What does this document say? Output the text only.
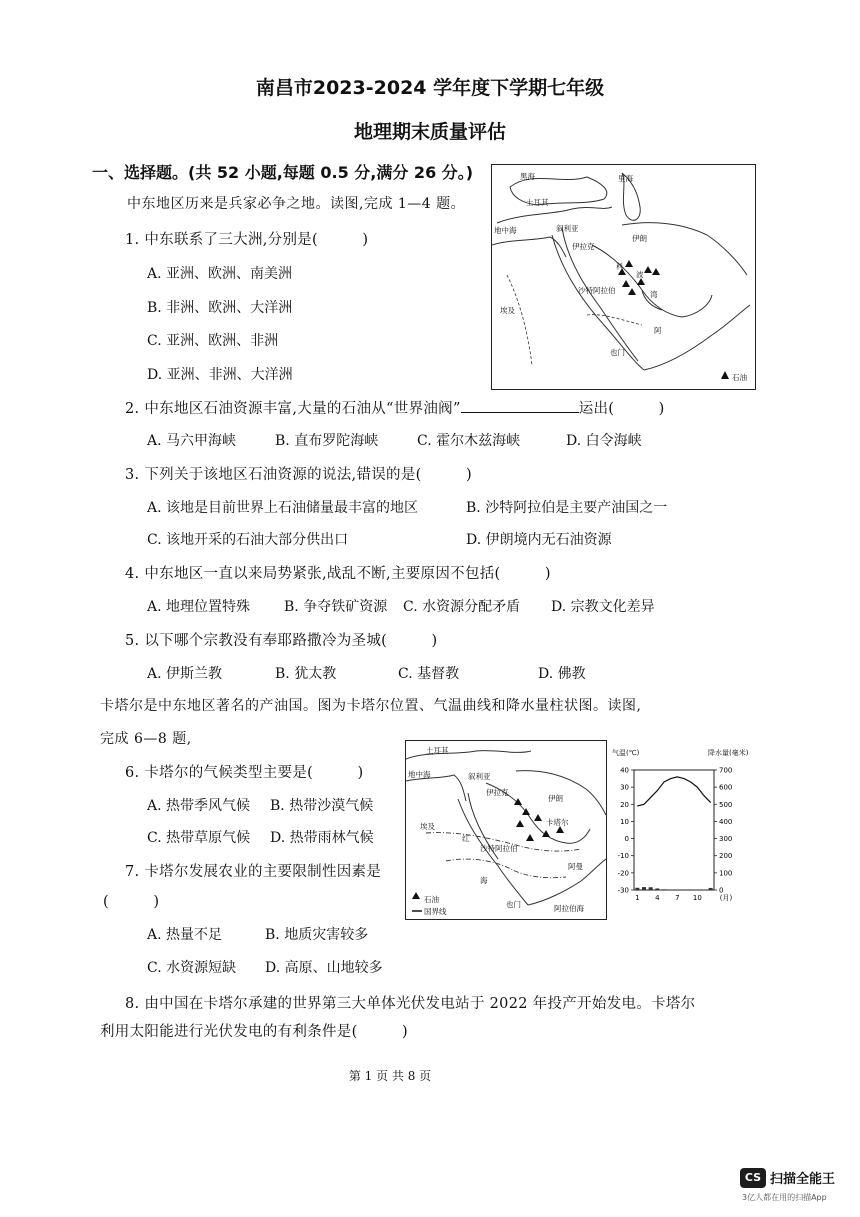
南昌市2023-2024 学年度下学期七年级
地理期末质量评估
一、选择题。(共 52 小题,每题 0.5 分,满分 26 分。)
中东地区历来是兵家必争之地。读图,完成 1—4 题。
1. 中东联系了三大洲,分别是(　　　)
A. 亚洲、欧洲、南美洲
B. 非洲、欧洲、大洋洲
C. 亚洲、欧洲、非洲
D. 亚洲、非洲、大洋洲
黑海	里海
土耳其
地中海	叙利亚
伊拉克
伊朗
埃及
沙特阿拉伯
也门
科
湾
波
阿
石油
2. 中东地区石油资源丰富,大量的石油从“世界油阀”	运出(　　　)
A. 马六甲海峡	B. 直布罗陀海峡	C. 霍尔木兹海峡	D. 白令海峡
3. 下列关于该地区石油资源的说法,错误的是(　　　)
A. 该地是目前世界上石油储量最丰富的地区	B. 沙特阿拉伯是主要产油国之一
C. 该地开采的石油大部分供出口	D. 伊朗境内无石油资源
4. 中东地区一直以来局势紧张,战乱不断,主要原因不包括(　　　)
A. 地理位置特殊 B. 争夺铁矿资源 C. 水资源分配矛盾 D. 宗教文化差异
5. 以下哪个宗教没有奉耶路撒冷为圣城(　　　)
A. 伊斯兰教	B. 犹太教	C. 基督教	D. 佛教
卡塔尔是中东地区著名的产油国。图为卡塔尔位置、气温曲线和降水量柱状图。读图,
完成 6—8 题,
6. 卡塔尔的气候类型主要是(　　　)
A. 热带季风气候 B. 热带沙漠气候
C. 热带草原气候 D. 热带雨林气候
7. 卡塔尔发展农业的主要限制性因素是
(　　　)
A. 热量不足	B. 地质灾害较多
C. 水资源短缺 D. 高原、山地较多
土耳其
地中海	叙利亚
伊拉克
伊朗
卡塔尔
埃及
红
沙特阿拉伯
也门	阿拉伯海
海
阿曼
石油
国界线
气温(℃)	降水量(毫米)
40
30
20
10
0
-10
-20
-30
700
600
500
400
300
200
100
0
1 4 7 10	(月)
8. 由中国在卡塔尔承建的世界第三大单体光伏发电站于 2022 年投产开始发电。卡塔尔
利用太阳能进行光伏发电的有利条件是(　　　)
第 1 页 共 8 页
CS 扫描全能王
3亿人都在用的扫描App
